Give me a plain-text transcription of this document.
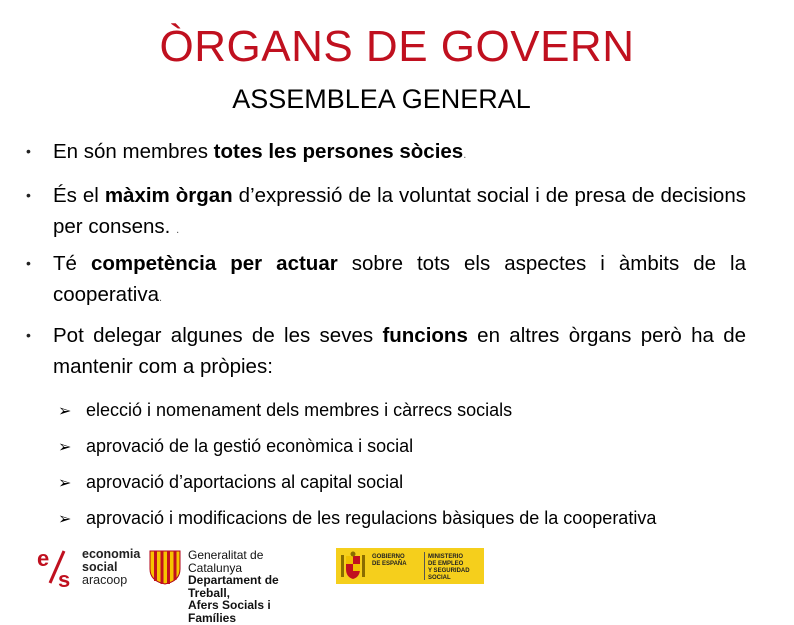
ÒRGANS DE GOVERN
ASSEMBLEA GENERAL
• En són membres totes les persones sòcies.
• És el màxim òrgan d’expressió de la voluntat social i de presa de decisions per consens. .
• Té competència per actuar sobre tots els aspectes i àmbits de la cooperativa.
• Pot delegar algunes de les seves funcions en altres òrgans però ha de mantenir com a pròpies:
➢ elecció i nomenament dels membres i càrrecs socials
➢ aprovació de la gestió econòmica i social
➢ aprovació d’aportacions al capital social
➢ aprovació i modificacions de les regulacions bàsiques de la cooperativa
e
s
economia
social
aracoop
Generalitat de Catalunya
Departament de Treball,
Afers Socials i Famílies
GOBIERNO
DE ESPAÑA
MINISTERIO
DE EMPLEO
Y SEGURIDAD SOCIAL
